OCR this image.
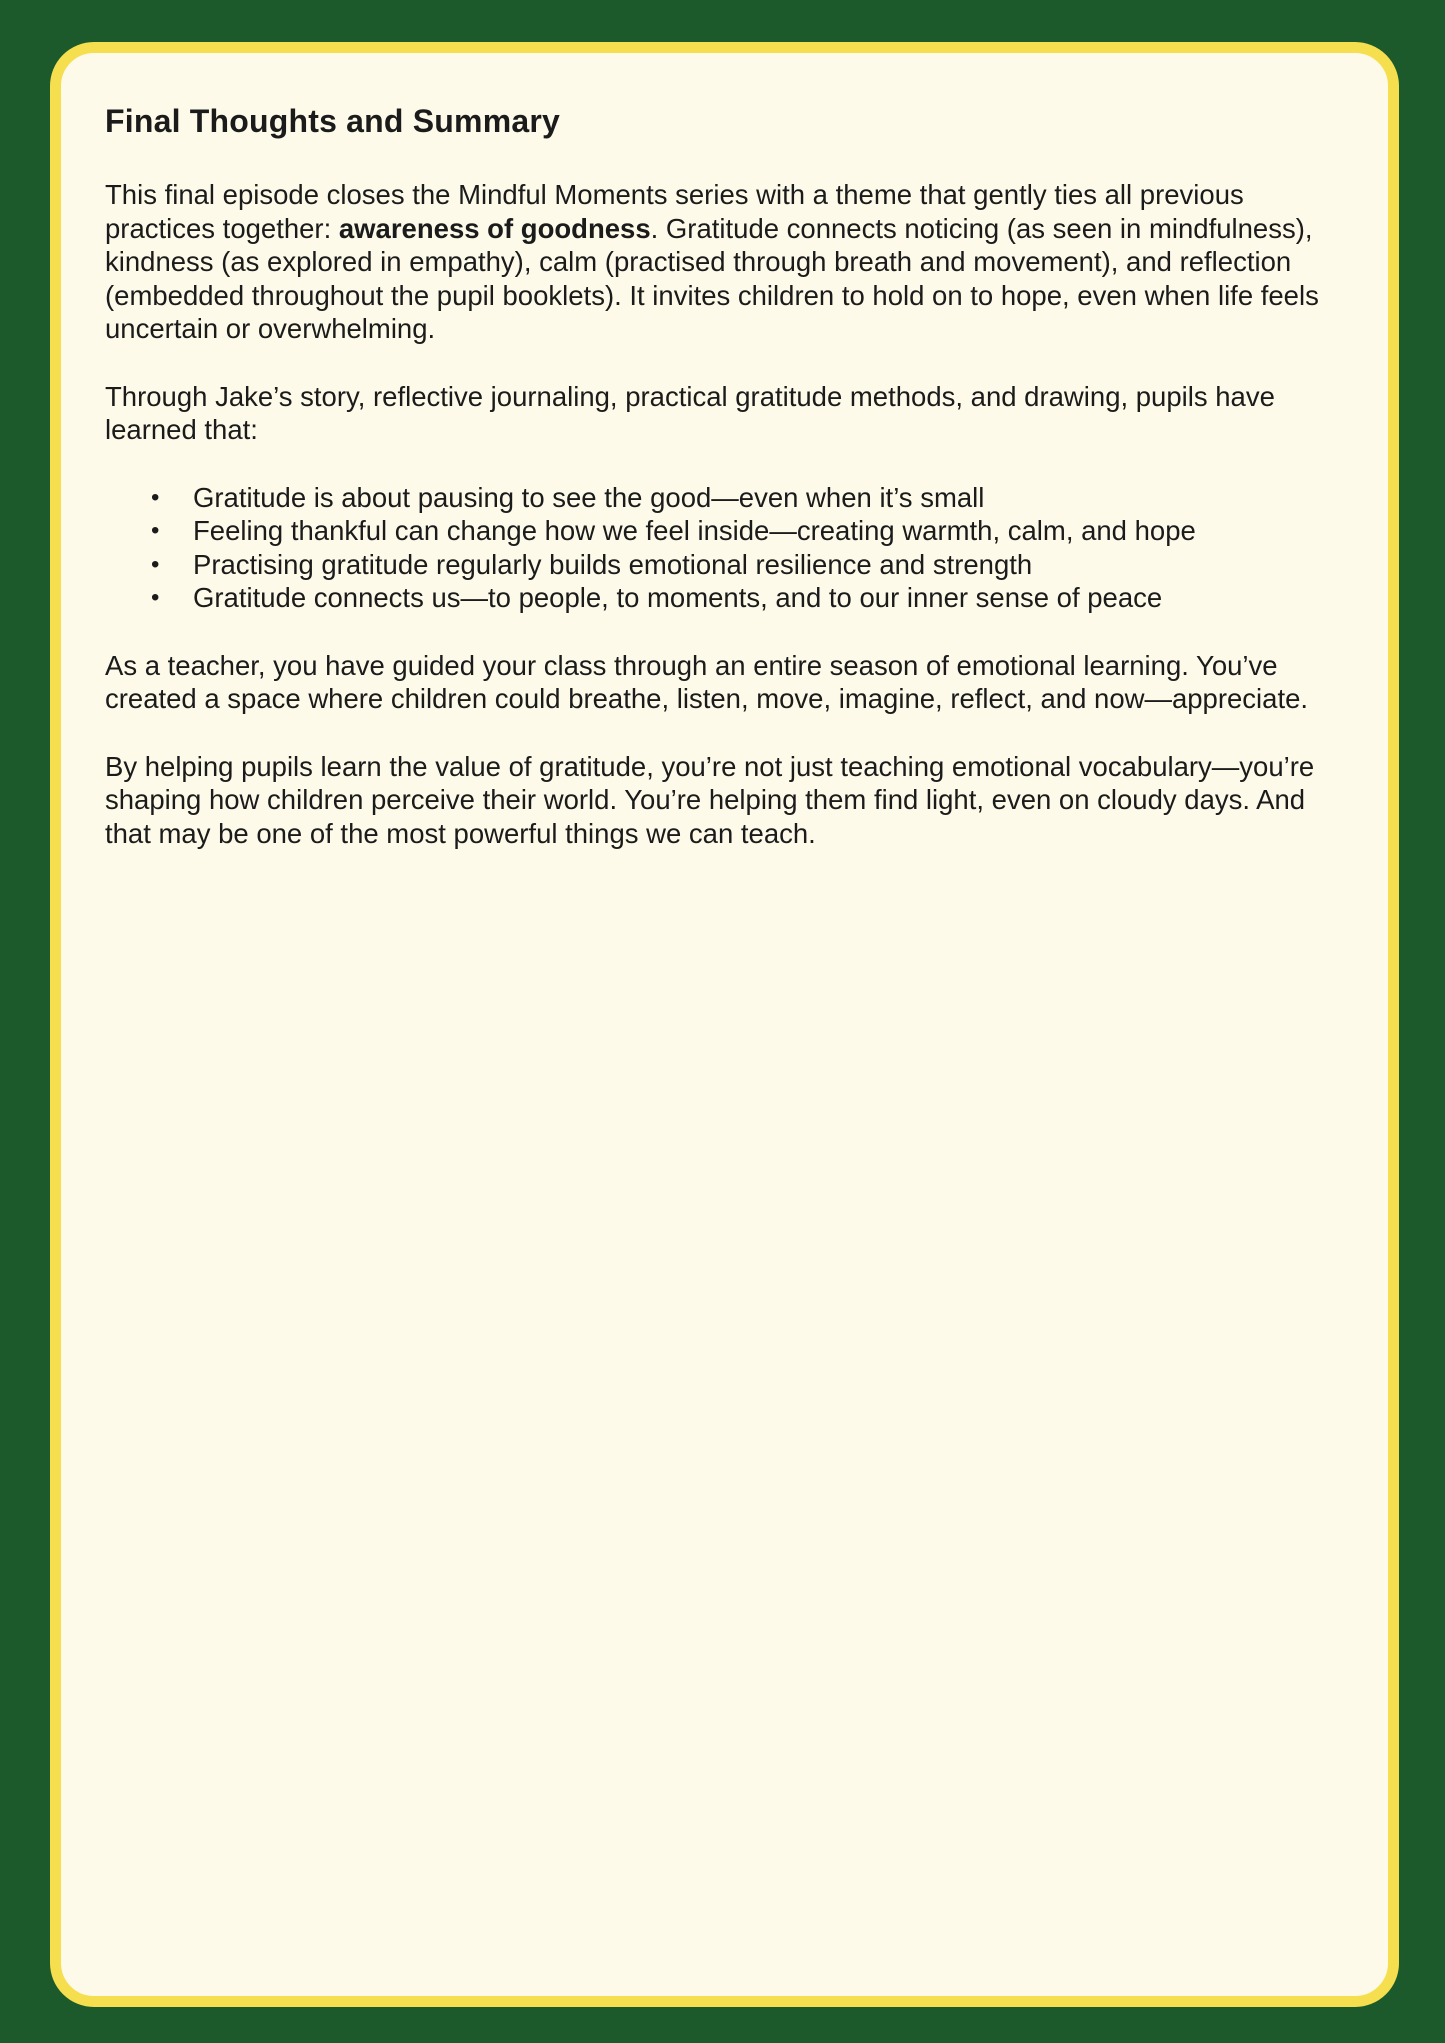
Final Thoughts and Summary

This final episode closes the Mindful Moments series with a theme that gently ties all previous practices together: awareness of goodness. Gratitude connects noticing (as seen in mindfulness), kindness (as explored in empathy), calm (practised through breath and movement), and reflection (embedded throughout the pupil booklets). It invites children to hold on to hope, even when life feels uncertain or overwhelming.

Through Jake’s story, reflective journaling, practical gratitude methods, and drawing, pupils have learned that:

• Gratitude is about pausing to see the good—even when it’s small
• Feeling thankful can change how we feel inside—creating warmth, calm, and hope
• Practising gratitude regularly builds emotional resilience and strength
• Gratitude connects us—to people, to moments, and to our inner sense of peace

As a teacher, you have guided your class through an entire season of emotional learning. You’ve created a space where children could breathe, listen, move, imagine, reflect, and now—appreciate.

By helping pupils learn the value of gratitude, you’re not just teaching emotional vocabulary—you’re shaping how children perceive their world. You’re helping them find light, even on cloudy days. And that may be one of the most powerful things we can teach.
